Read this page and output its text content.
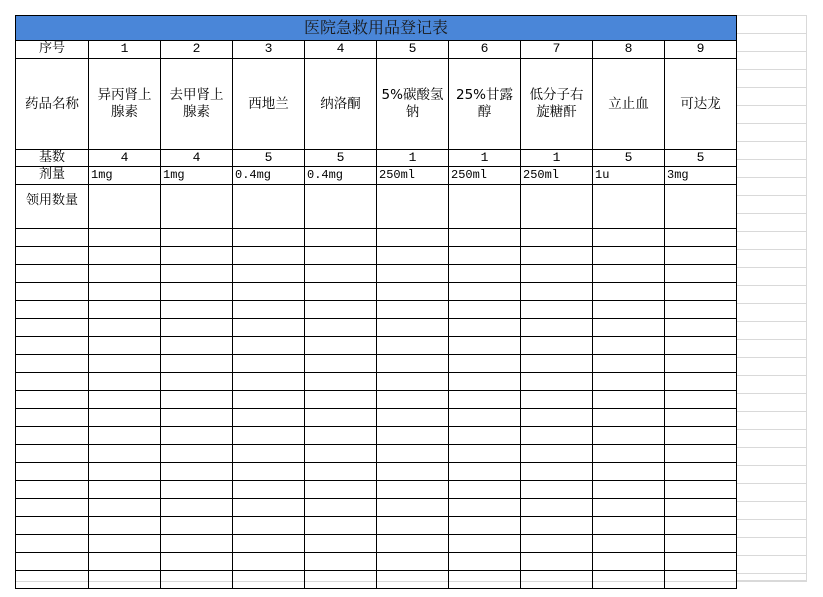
医院急救用品登记表									
序号	1	2	3	4	5	6	7	8	9
药品名称	异丙肾上腺素	去甲肾上腺素	西地兰	纳洛酮	5%碳酸氢钠	25%甘露醇	低分子右旋糖酐	立止血	可达龙
基数	4	4	5	5	1	1	1	5	5
剂量	1mg	1mg	0.4mg	0.4mg	250ml	250ml	250ml	1u	3mg
领用数量									
